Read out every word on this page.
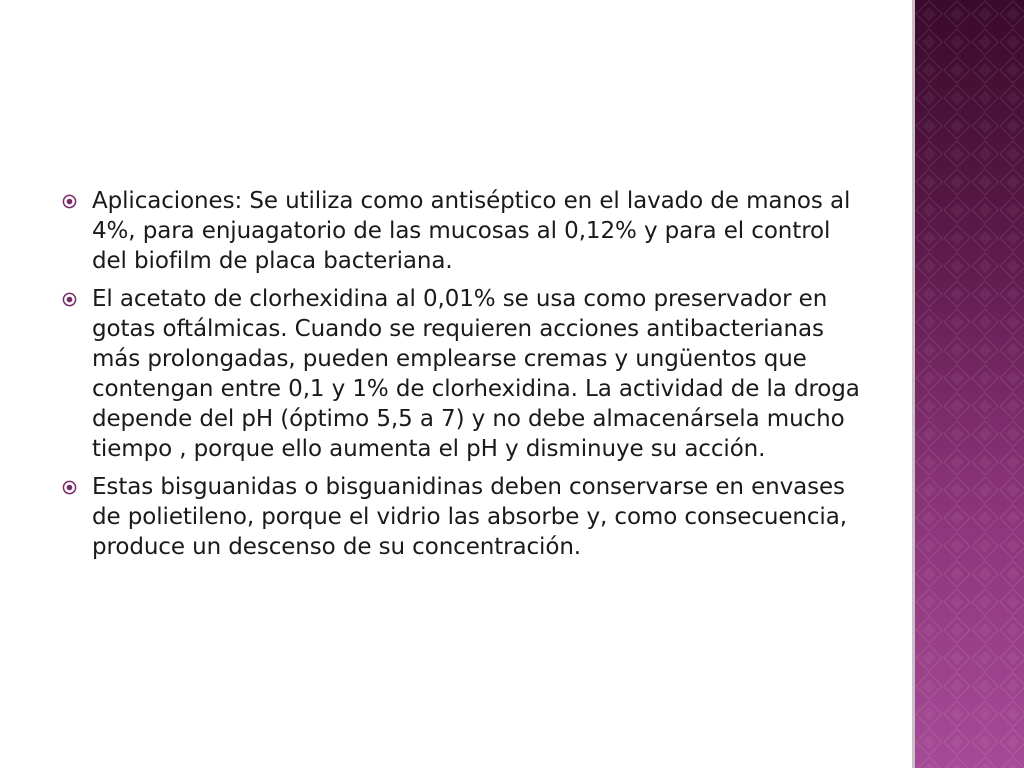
Aplicaciones: Se utiliza como antiséptico en el lavado de manos al 4%, para enjuagatorio de las mucosas al 0,12% y para el control del biofilm de placa bacteriana.
El acetato de clorhexidina al 0,01% se usa como preservador en gotas oftálmicas. Cuando se requieren acciones antibacterianas más prolongadas, pueden emplearse cremas y ungüentos que contengan entre 0,1 y 1% de clorhexidina. La actividad de la droga depende del pH (óptimo 5,5 a 7) y no debe almacenársela mucho tiempo , porque ello aumenta el pH y disminuye su acción.
Estas bisguanidas o bisguanidinas deben conservarse en envases de polietileno, porque el vidrio las absorbe y, como consecuencia, produce un descenso de su concentración.
